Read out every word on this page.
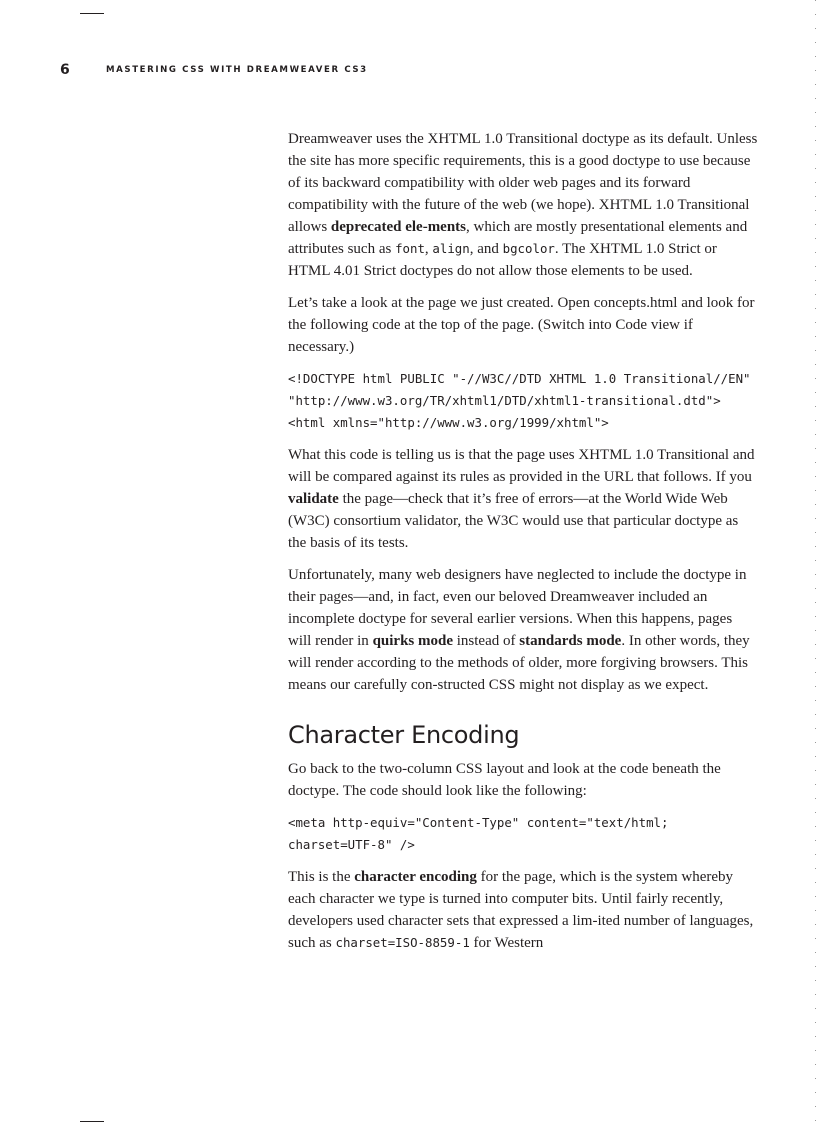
6	MASTERING CSS WITH DREAMWEAVER CS3

Dreamweaver uses the XHTML 1.0 Transitional doctype as its default. Unless the site has more specific requirements, this is a good doctype to use because of its backward compatibility with older web pages and its forward compatibility with the future of the web (we hope). XHTML 1.0 Transitional allows deprecated ele-ments, which are mostly presentational elements and attributes such as font, align, and bgcolor. The XHTML 1.0 Strict or HTML 4.01 Strict doctypes do not allow those elements to be used.

Let’s take a look at the page we just created. Open concepts.html and look for the following code at the top of the page. (Switch into Code view if necessary.)

<!DOCTYPE html PUBLIC "-//W3C//DTD XHTML 1.0 Transitional//EN"
"http://www.w3.org/TR/xhtml1/DTD/xhtml1-transitional.dtd">
<html xmlns="http://www.w3.org/1999/xhtml">

What this code is telling us is that the page uses XHTML 1.0 Transitional and will be compared against its rules as provided in the URL that follows. If you validate the page—check that it’s free of errors—at the World Wide Web (W3C) consortium validator, the W3C would use that particular doctype as the basis of its tests.

Unfortunately, many web designers have neglected to include the doctype in their pages—and, in fact, even our beloved Dreamweaver included an incomplete doctype for several earlier versions. When this happens, pages will render in quirks mode instead of standards mode. In other words, they will render according to the methods of older, more forgiving browsers. This means our carefully con-structed CSS might not display as we expect.

Character Encoding

Go back to the two-column CSS layout and look at the code beneath the doctype. The code should look like the following:

<meta http-equiv="Content-Type" content="text/html;
charset=UTF-8" />

This is the character encoding for the page, which is the system whereby each character we type is turned into computer bits. Until fairly recently, developers used character sets that expressed a lim-ited number of languages, such as charset=ISO-8859-1 for Western
